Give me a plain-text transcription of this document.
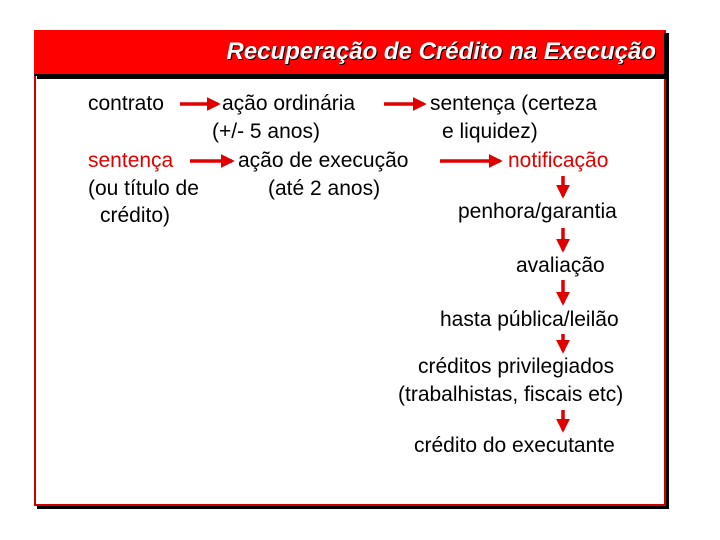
Recuperação de Crédito na Execução
contrato	ação ordinária
(+/- 5 anos)
sentença (certeza
e liquidez)
sentença
(ou título de
crédito)
ação de execução
(até 2 anos)
notificação
penhora/garantia
avaliação
hasta pública/leilão
créditos privilegiados
(trabalhistas, fiscais etc)
crédito do executante
